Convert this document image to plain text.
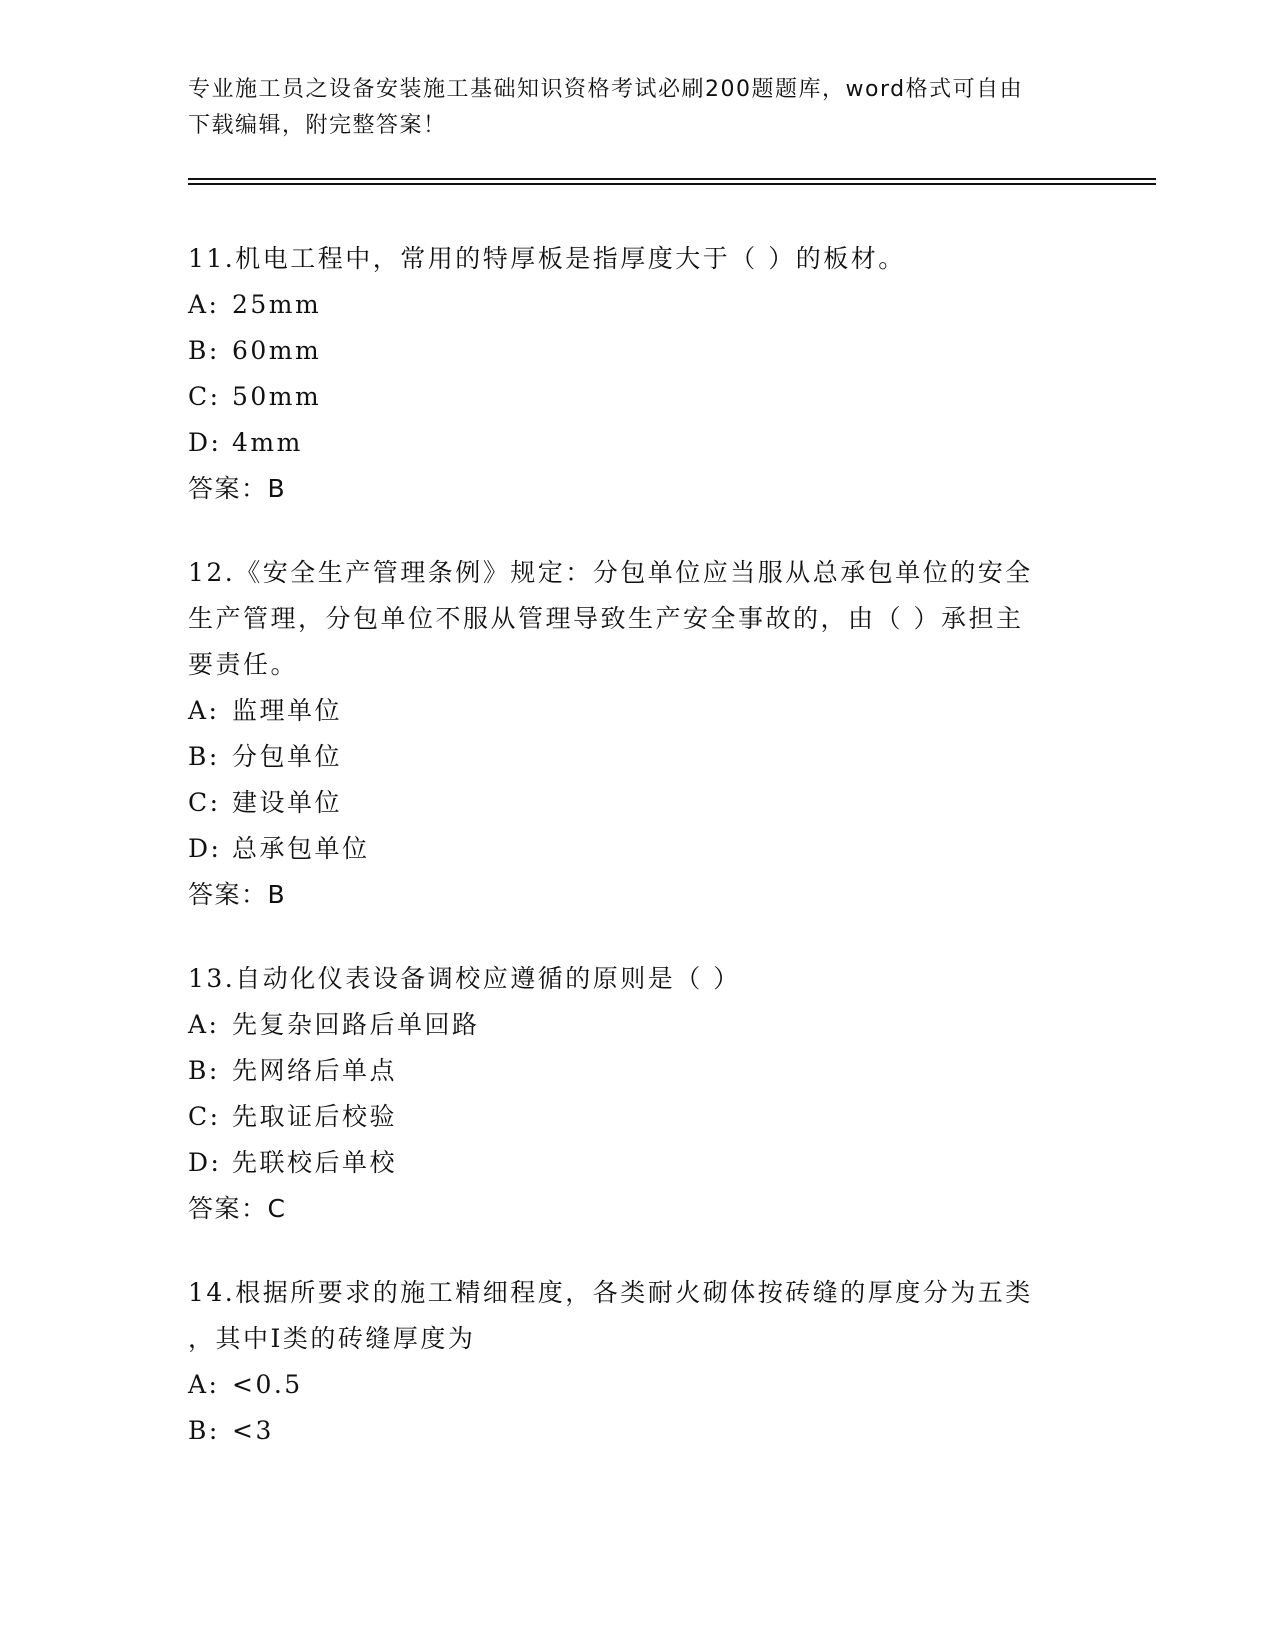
专业施工员之设备安装施工基础知识资格考试必刷200题题库，word格式可自由
下载编辑，附完整答案！
11.机电工程中，常用的特厚板是指厚度大于（ ）的板材。
A: 25mm
B: 60mm
C: 50mm
D: 4mm
答案：B
12.《安全生产管理条例》规定：分包单位应当服从总承包单位的安全
生产管理，分包单位不服从管理导致生产安全事故的，由（ ）承担主
要责任。
A: 监理单位
B: 分包单位
C: 建设单位
D: 总承包单位
答案：B
13.自动化仪表设备调校应遵循的原则是（ ）
A: 先复杂回路后单回路
B: 先网络后单点
C: 先取证后校验
D: 先联校后单校
答案：C
14.根据所要求的施工精细程度，各类耐火砌体按砖缝的厚度分为五类
，其中I类的砖缝厚度为
A: <0.5
B: <3
